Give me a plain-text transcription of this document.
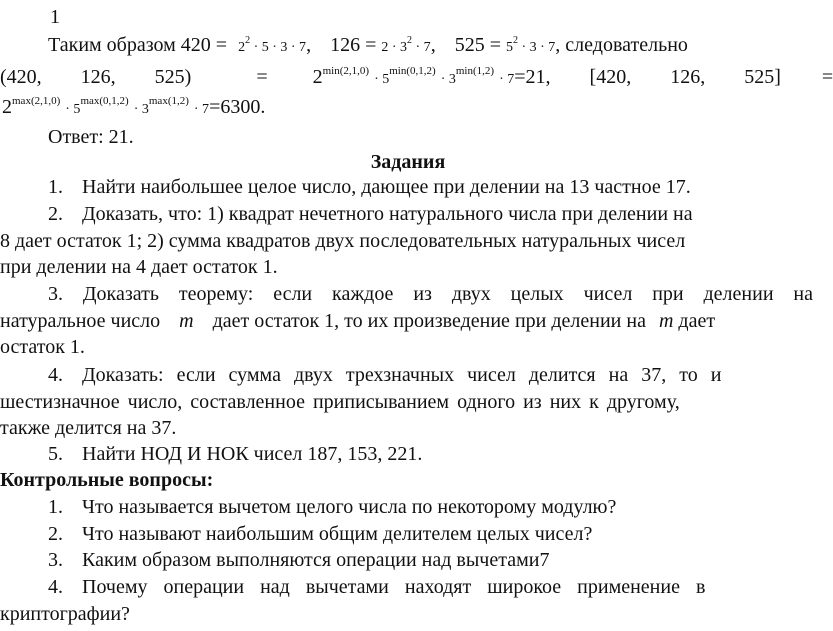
1
Таким образом $420 = 2^2 \cdot 5 \cdot 3 \cdot 7$, $126 = 2 \cdot 3^2 \cdot 7$, $525 = 5^2 \cdot 3 \cdot 7$, следовательно
(420, 126, 525)	= $2^{min(2,1,0)} \cdot 5^{min(0,1,2)} \cdot 3^{min(1,2)} \cdot 7=21$, [420, 126, 525] =
$2^{max(2,1,0)} \cdot 5^{max(0,1,2)} \cdot 3^{max(1,2)} \cdot 7=6300$.
Ответ: 21.
Задания
1. Найти наибольшее целое число, дающее при делении на 13 частное 17.
2. Доказать, что: 1) квадрат нечетного натурального числа при делении на
8 дает остаток 1; 2) сумма квадратов двух последовательных натуральных чисел
при делении на 4 дает остаток 1.
3. Доказать теорему: если каждое из двух целых чисел при делении на
натуральное число m дает остаток 1, то их произведение при делении на m дает
остаток 1.
4. Доказать: если сумма двух трехзначных чисел делится на 37, то и
шестизначное число, составленное приписыванием одного из них к другому,
также делится на 37.
5. Найти НОД И НОК чисел 187, 153, 221.
Контрольные вопросы:
1. Что называется вычетом целого числа по некоторому модулю?
2. Что называют наибольшим общим делителем целых чисел?
3. Каким образом выполняются операции над вычетами7
4. Почему операции над вычетами находят широкое применение в
криптографии?
